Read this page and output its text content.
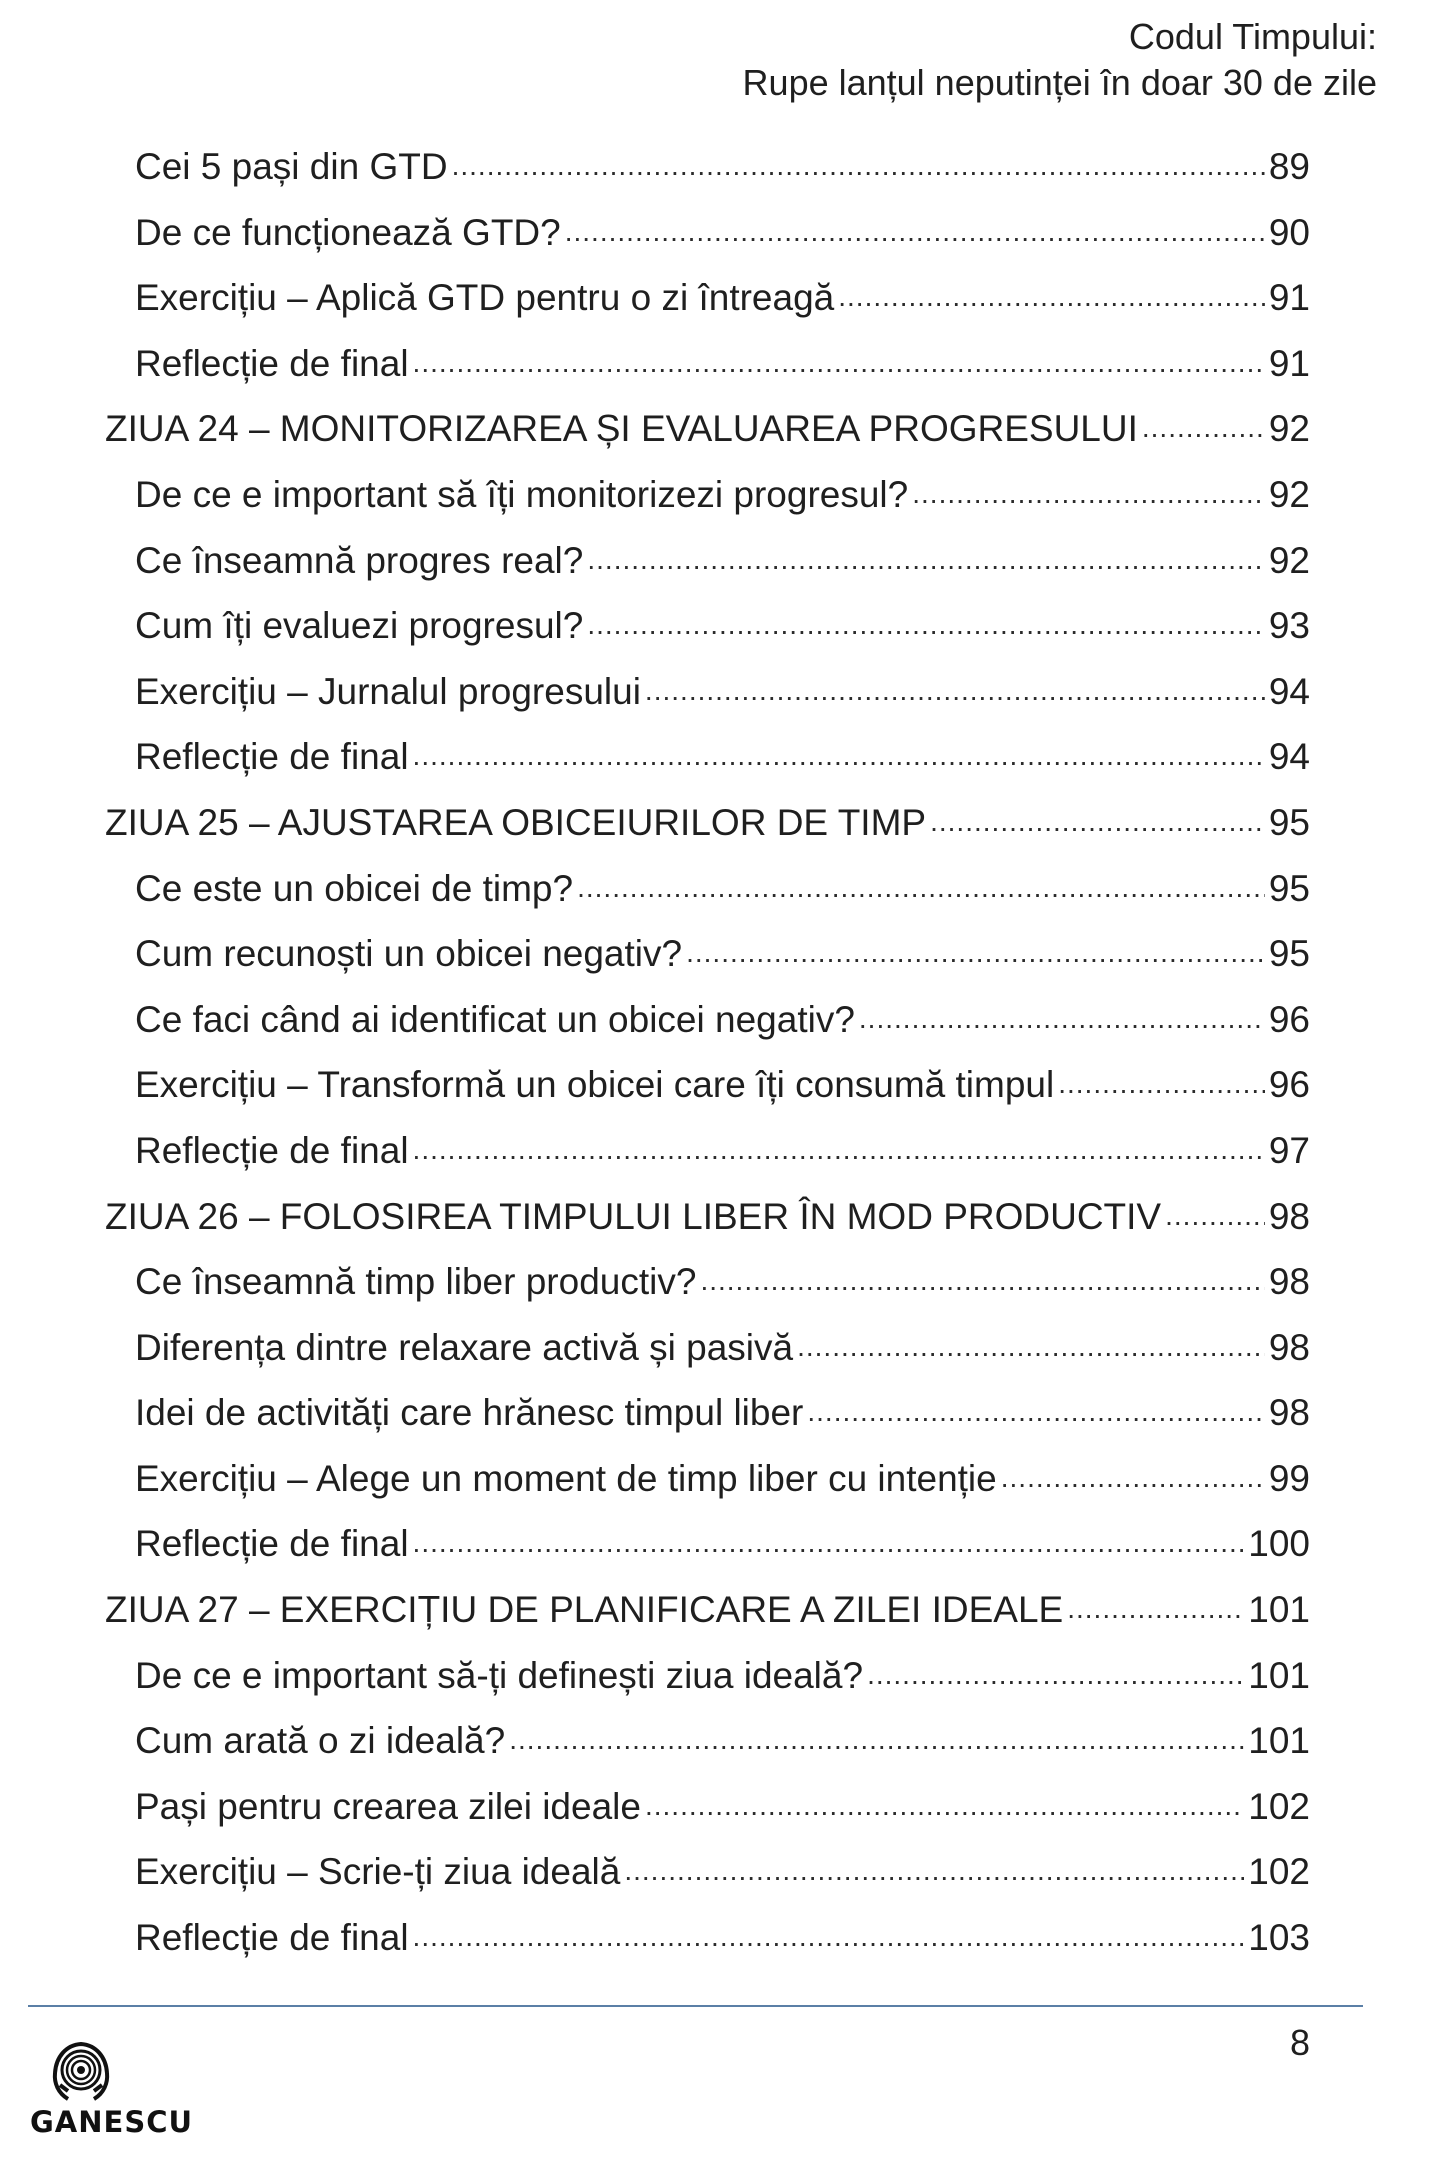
Codul Timpului:
Rupe lanțul neputinței în doar 30 de zile
Cei 5 pași din GTD .....	89
De ce funcționează GTD? .....	90
Exercițiu – Aplică GTD pentru o zi întreagă .....	91
Reflecție de final .....	91
ZIUA 24 – MONITORIZAREA ȘI EVALUAREA PROGRESULUI .....	92
De ce e important să îți monitorizezi progresul? .....	92
Ce înseamnă progres real? .....	92
Cum îți evaluezi progresul? .....	93
Exercițiu – Jurnalul progresului .....	94
Reflecție de final .....	94
ZIUA 25 – AJUSTAREA OBICEIURILOR DE TIMP .....	95
Ce este un obicei de timp? .....	95
Cum recunoști un obicei negativ? .....	95
Ce faci când ai identificat un obicei negativ? .....	96
Exercițiu – Transformă un obicei care îți consumă timpul .....	96
Reflecție de final .....	97
ZIUA 26 – FOLOSIREA TIMPULUI LIBER ÎN MOD PRODUCTIV .....	98
Ce înseamnă timp liber productiv? .....	98
Diferența dintre relaxare activă și pasivă .....	98
Idei de activități care hrănesc timpul liber .....	98
Exercițiu – Alege un moment de timp liber cu intenție .....	99
Reflecție de final .....	100
ZIUA 27 – EXERCIȚIU DE PLANIFICARE A ZILEI IDEALE .....	101
De ce e important să-ți definești ziua ideală? .....	101
Cum arată o zi ideală? .....	101
Pași pentru crearea zilei ideale .....	102
Exercițiu – Scrie-ți ziua ideală .....	102
Reflecție de final .....	103
8
GANESCU
